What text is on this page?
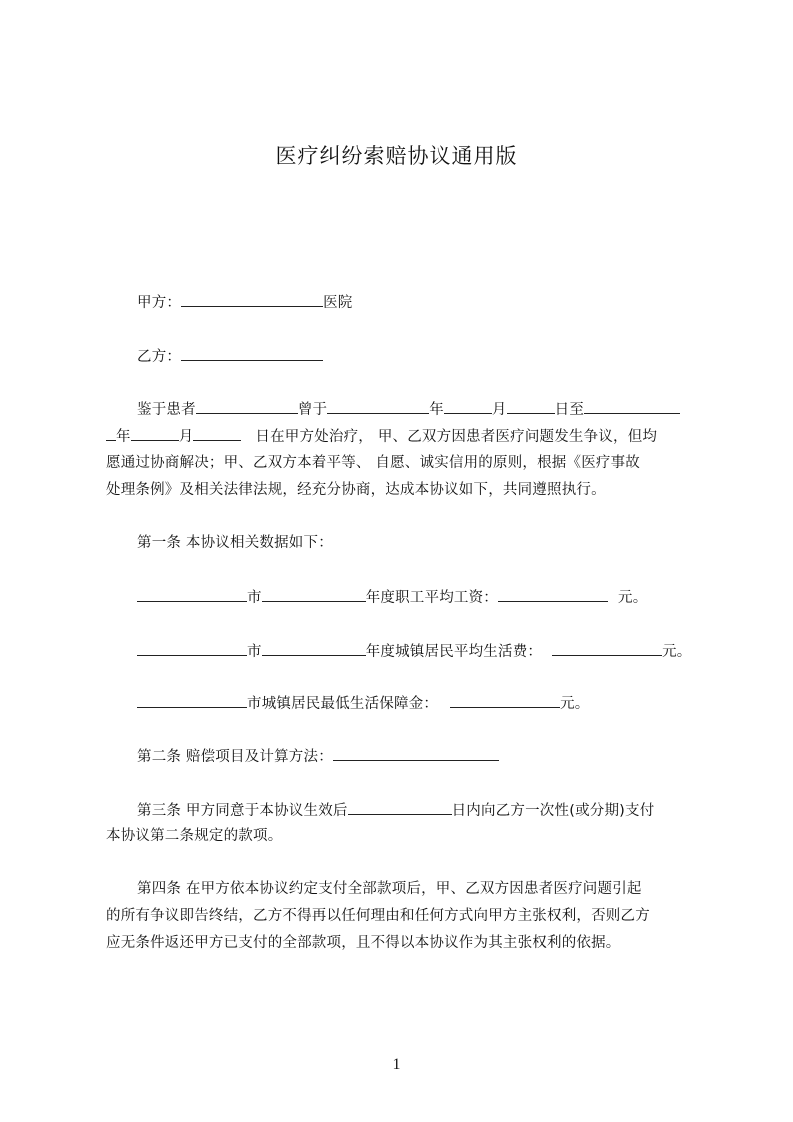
医疗纠纷索赔协议通用版
甲方：	医院
乙方：
鉴于患者	曾于	年	月	日至
年	月	日在甲方处治疗， 甲、乙双方因患者医疗问题发生争议，但均
愿通过协商解决；甲、乙双方本着平等、 自愿、诚实信用的原则，根据《医疗事故
处理条例》及相关法律法规，经充分协商，达成本协议如下，共同遵照执行。
第一条 本协议相关数据如下：
市	年度职工平均工资：	元。
市	年度城镇居民平均生活费：	元。
市城镇居民最低生活保障金：	元。
第二条 赔偿项目及计算方法：
第三条 甲方同意于本协议生效后	日内向乙方一次性(或分期)支付
本协议第二条规定的款项。
第四条 在甲方依本协议约定支付全部款项后，甲、乙双方因患者医疗问题引起
的所有争议即告终结，乙方不得再以任何理由和任何方式向甲方主张权利，否则乙方
应无条件返还甲方已支付的全部款项，且不得以本协议作为其主张权利的依据。
1
